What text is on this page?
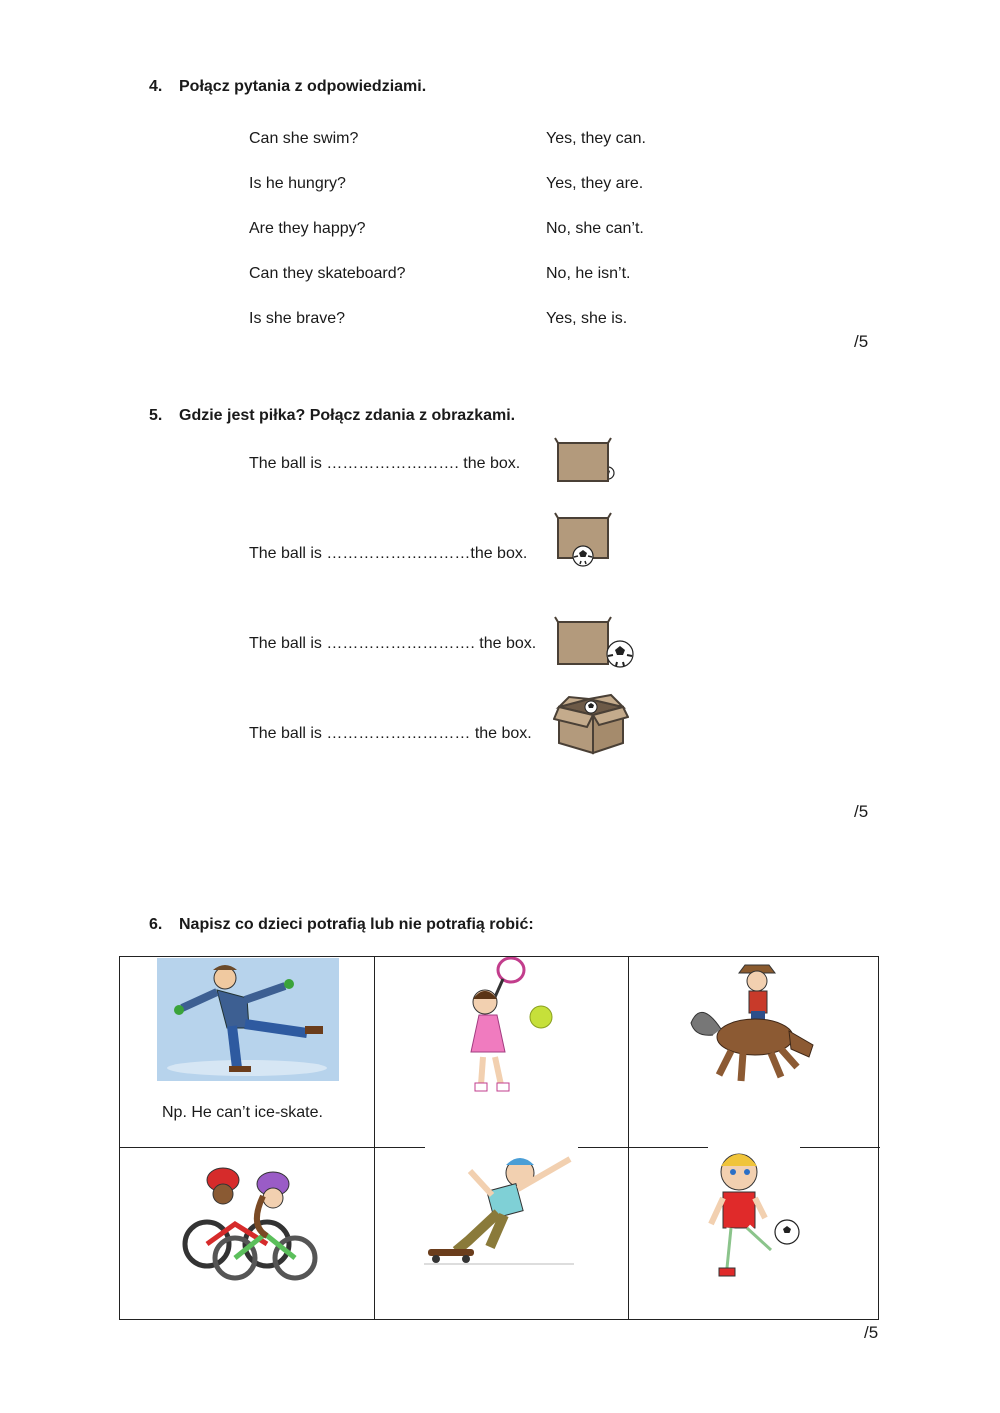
4. Połącz pytania z odpowiedziami.
Can she swim?
Is he hungry?
Are they happy?
Can they skateboard?
Is she brave?
Yes, they can.
Yes, they are.
No, she can’t.
No, he isn’t.
Yes, she is.
/5
5. Gdzie jest piłka? Połącz zdania z obrazkami.
The ball is ……………………. the box.
The ball is ………………………the box.
The ball is ………………………. the box.
The ball is ……………………… the box.
/5
6. Napisz co dzieci potrafią lub nie potrafią robić:
Np. He can’t ice-skate.
/5
